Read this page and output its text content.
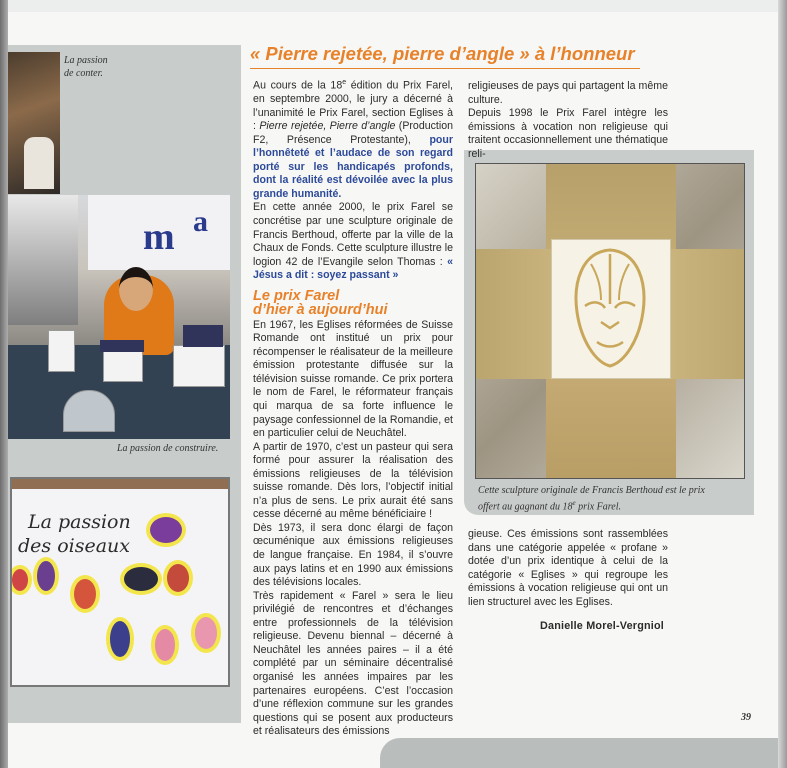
La passion
de conter.
m a
La passion de construire.
La passion
des oiseaux
« Pierre rejetée, pierre d’angle » à l’honneur

Au cours de la 18e édition du Prix Farel, en septembre 2000, le jury a décerné à l’unanimité le Prix Farel, section Eglises à : Pierre rejetée, Pierre d’angle (Production F2, Présence Protestante), pour l’honnêteté et l’audace de son regard porté sur les handicapés profonds, dont la réalité est dévoilée avec la plus grande humanité.

En cette année 2000, le prix Farel se concrétise par une sculpture originale de Francis Berthoud, offerte par la ville de la Chaux de Fonds. Cette sculpture illustre le logion 42 de l’Evangile selon Thomas : « Jésus a dit : soyez passant »

Le prix Farel
d’hier à aujourd’hui

En 1967, les Eglises réformées de Suisse Romande ont institué un prix pour récompenser le réalisateur de la meilleure émission protestante diffusée sur la télévision suisse romande. Ce prix portera le nom de Farel, le réformateur français qui marqua de sa forte influence le paysage confessionnel de la Romandie, et en particulier celui de Neuchâtel.

A partir de 1970, c’est un pasteur qui sera formé pour assurer la réalisation des émissions religieuses de la télévision suisse romande. Dès lors, l’objectif initial n’a plus de sens. Le prix aurait été sans cesse décerné au même bénéficiaire !

Dès 1973, il sera donc élargi de façon œcuménique aux émissions religieuses de langue française. En 1984, il s’ouvre aux pays latins et en 1990 aux émissions des télévisions locales.

Très rapidement « Farel » sera le lieu privilégié de rencontres et d’échanges entre professionnels de la télévision religieuse. Devenu biennal – décerné à Neuchâtel les années paires – il a été complété par un séminaire décentralisé organisé les années impaires par les partenaires européens. C’est l’occasion d’une réflexion commune sur les grandes questions qui se posent aux producteurs et réalisateurs des émissions

religieuses de pays qui partagent la même culture.

Depuis 1998 le Prix Farel intègre les émissions à vocation non religieuse qui traitent occasionnellement une thématique reli-

Cette sculpture originale de Francis Berthoud est le prix
offert au gagnant du 18e prix Farel.

gieuse. Ces émissions sont rassemblées dans une catégorie appelée « profane » dotée d’un prix identique à celui de la catégorie « Eglises » qui regroupe les émissions à vocation religieuse qui ont un lien structurel avec les Eglises.

Danielle Morel-Vergniol
39
